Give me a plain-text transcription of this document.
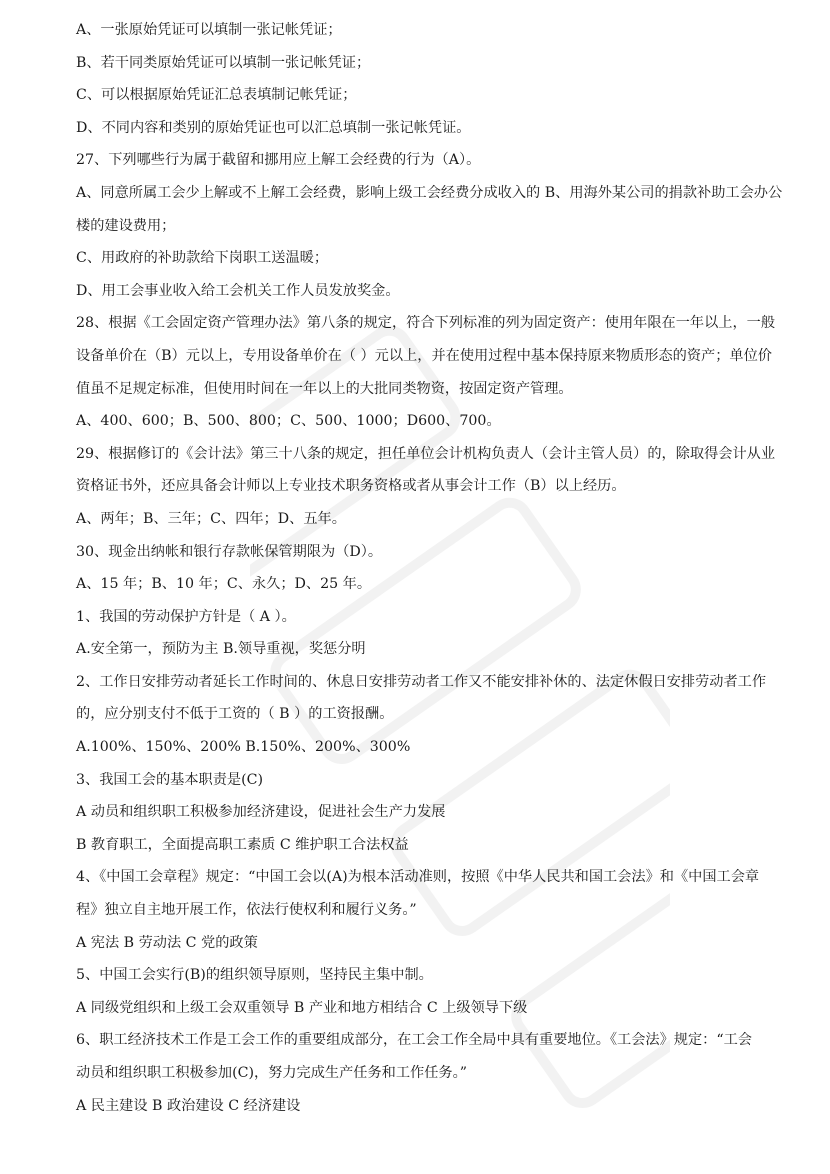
A、一张原始凭证可以填制一张记帐凭证；

B、若干同类原始凭证可以填制一张记帐凭证；

C、可以根据原始凭证汇总表填制记帐凭证；

D、不同内容和类别的原始凭证也可以汇总填制一张记帐凭证。

27、下列哪些行为属于截留和挪用应上解工会经费的行为（A）。

A、同意所属工会少上解或不上解工会经费，影响上级工会经费分成收入的 B、用海外某公司的捐款补助工会办公

楼的建设费用；

C、用政府的补助款给下岗职工送温暖；

D、用工会事业收入给工会机关工作人员发放奖金。

28、根据《工会固定资产管理办法》第八条的规定，符合下列标准的列为固定资产：使用年限在一年以上，一般

设备单价在（B）元以上，专用设备单价在（ ）元以上，并在使用过程中基本保持原来物质形态的资产；单位价

值虽不足规定标准，但使用时间在一年以上的大批同类物资，按固定资产管理。

A、400、600；B、500、800；C、500、1000；D600、700。

29、根据修订的《会计法》第三十八条的规定，担任单位会计机构负责人（会计主管人员）的，除取得会计从业

资格证书外，还应具备会计师以上专业技术职务资格或者从事会计工作（B）以上经历。

A、两年；B、三年；C、四年；D、五年。

30、现金出纳帐和银行存款帐保管期限为（D）。

A、15 年；B、10 年；C、永久；D、25 年。

1、我国的劳动保护方针是（ A ）。

A.安全第一，预防为主 B.领导重视，奖惩分明

2、工作日安排劳动者延长工作时间的、休息日安排劳动者工作又不能安排补休的、法定休假日安排劳动者工作

的，应分别支付不低于工资的（ B ）的工资报酬。

A.100%、150%、200% B.150%、200%、300%

3、我国工会的基本职责是(C)

A 动员和组织职工积极参加经济建设，促进社会生产力发展

B 教育职工，全面提高职工素质 C 维护职工合法权益

4、《中国工会章程》规定：“中国工会以(A)为根本活动准则，按照《中华人民共和国工会法》和《中国工会章

程》独立自主地开展工作，依法行使权利和履行义务。”

A 宪法 B 劳动法 C 党的政策

5、中国工会实行(B)的组织领导原则，坚持民主集中制。

A 同级党组织和上级工会双重领导 B 产业和地方相结合 C 上级领导下级

6、职工经济技术工作是工会工作的重要组成部分，在工会工作全局中具有重要地位。《工会法》规定：“工会

动员和组织职工积极参加(C)，努力完成生产任务和工作任务。”

A 民主建设 B 政治建设 C 经济建设
